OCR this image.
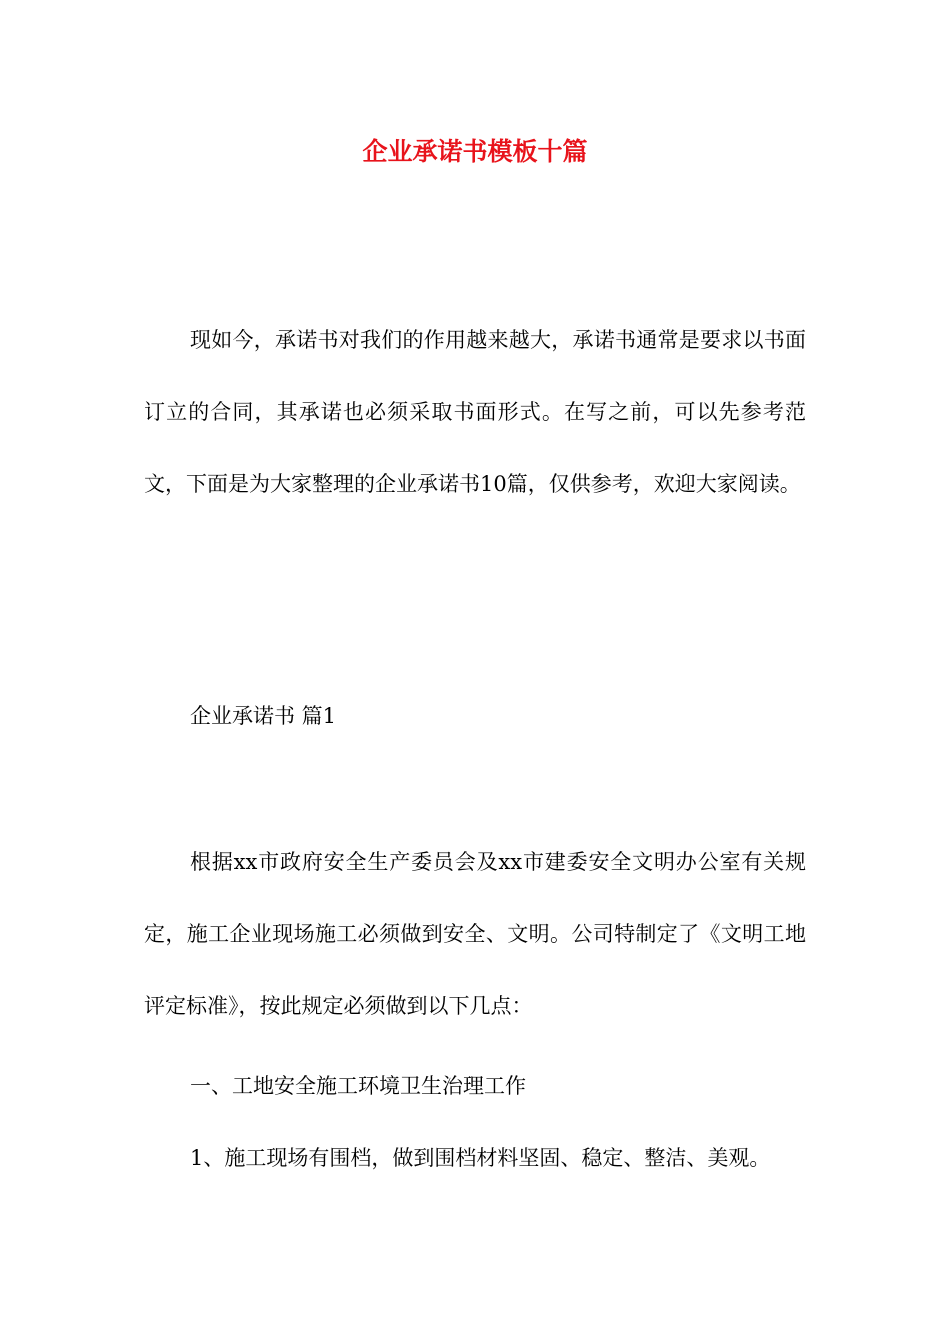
企业承诺书模板十篇

现如今，承诺书对我们的作用越来越大，承诺书通常是要求以书面订立的合同，其承诺也必须采取书面形式。在写之前，可以先参考范文，下面是为大家整理的企业承诺书10篇，仅供参考，欢迎大家阅读。

企业承诺书 篇1

根据xx市政府安全生产委员会及xx市建委安全文明办公室有关规定，施工企业现场施工必须做到安全、文明。公司特制定了《文明工地评定标准》，按此规定必须做到以下几点：

一、工地安全施工环境卫生治理工作

1、施工现场有围档，做到围档材料坚固、稳定、整洁、美观。
